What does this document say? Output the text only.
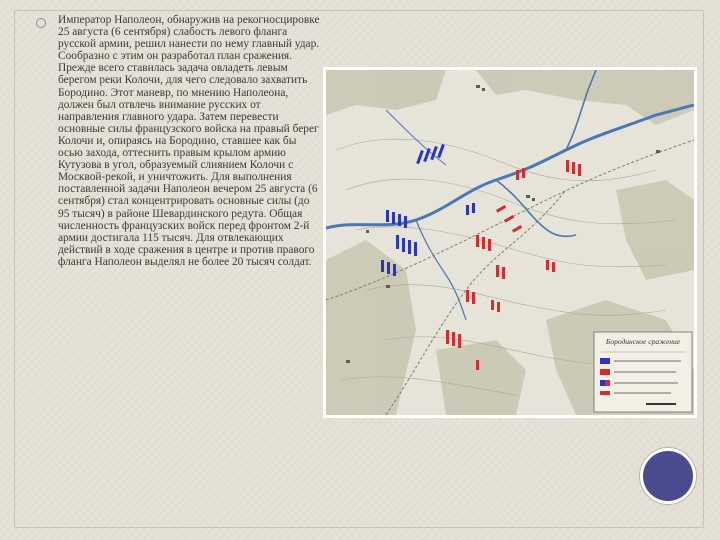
Император Наполеон, обнаружив на рекогносцировке 25 августа (6 сентября) слабость левого фланга русской армии, решил нанести по нему главный удар. Сообразно с этим он разработал план сражения. Прежде всего ставилась задача овладеть левым берегом реки Колочи, для чего следовало захватить Бородино. Этот маневр, по мнению Наполеона, должен был отвлечь внимание русских от направления главного удара. Затем перевести основные силы французского войска на правый берег Колочи и, опираясь на Бородино, ставшее как бы осью захода, оттеснить правым крылом армию Кутузова в угол, образуемый слиянием Колочи с Москвой-рекой, и уничтожить. Для выполнения поставленной задачи Наполеон вечером 25 августа (6 сентября) стал концентрировать основные силы (до 95 тысяч) в районе Шевардинского редута. Общая численность французских войск перед фронтом 2-й армии достигала 115 тысяч. Для отвлекающих действий в ходе сражения в центре и против правого фланга Наполеон выделял не более 20 тысяч солдат.

Бородинское сражение
